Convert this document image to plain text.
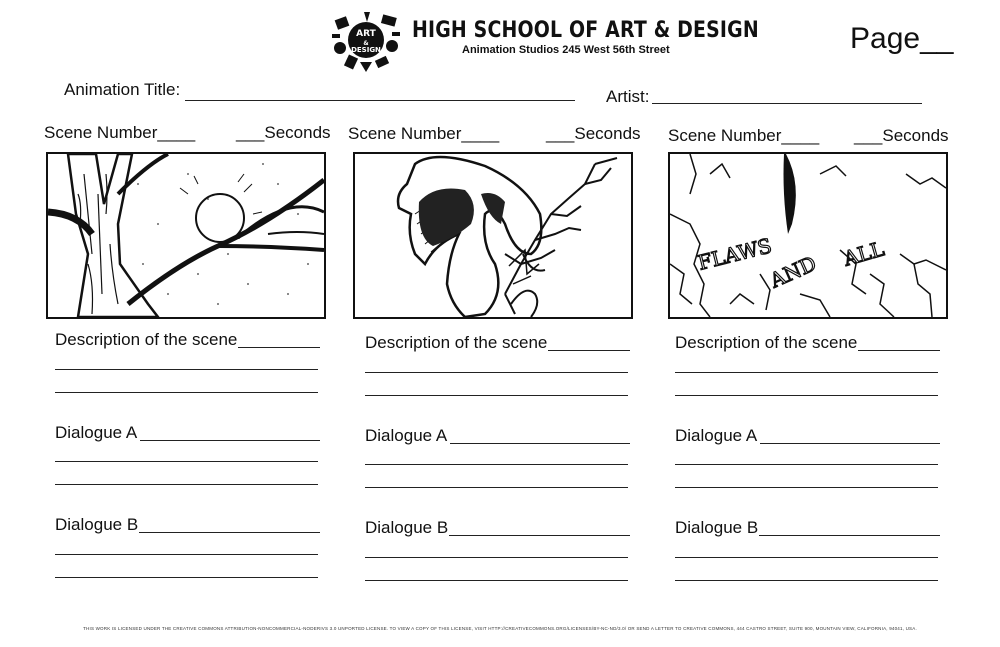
ART
&
DESIGN
HIGH SCHOOL OF ART & DESIGN
Animation Studios 245 West 56th Street	Page__
Animation Title:	Artist:
Scene Number____ ___Seconds
Description of the scene
Dialogue A
Dialogue B
Scene Number____	___Seconds
Description of the scene
Dialogue A
Dialogue B
Scene Number____ ___Seconds
FLAWS
AND ALL
Description of the scene
Dialogue A
Dialogue B
THIS WORK IS LICENSED UNDER THE CREATIVE COMMONS ATTRIBUTION-NONCOMMERCIAL-NODERIVS 3.0 UNPORTED LICENSE. TO VIEW A COPY OF THIS LICENSE, VISIT HTTP://CREATIVECOMMONS.ORG/LICENSES/BY-NC-ND/3.0/ OR SEND A LETTER TO CREATIVE COMMONS, 444 CASTRO STREET, SUITE 900, MOUNTAIN VIEW, CALIFORNIA, 94041, USA.
